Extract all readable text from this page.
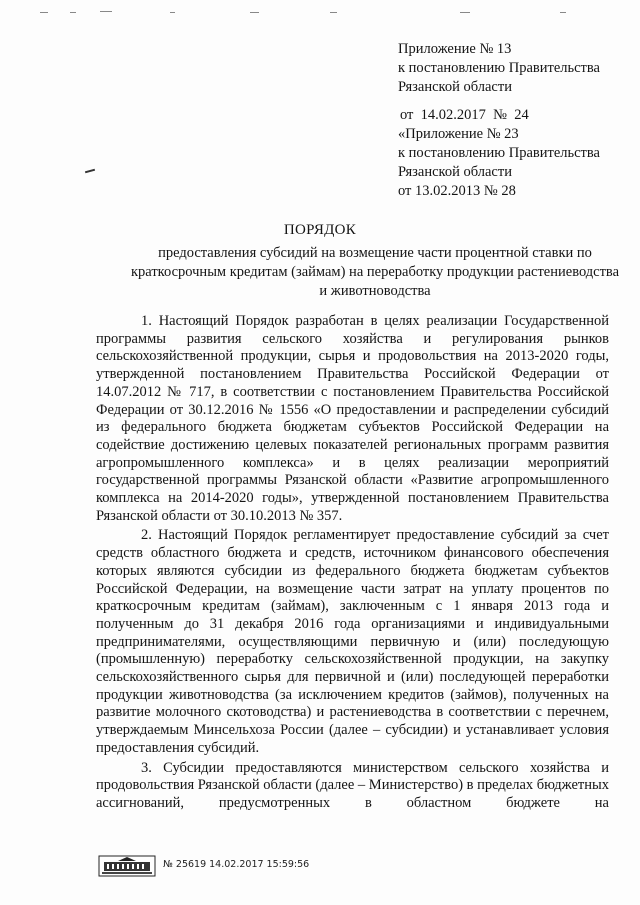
Приложение № 13
к постановлению Правительства
Рязанской области
от  14.02.2017  №  24
«Приложение № 23
к постановлению Правительства
Рязанской области
от 13.02.2013 № 28
ПОРЯДОК
предоставления субсидий на возмещение части процентной ставки по краткосрочным кредитам (займам) на переработку продукции растениеводства и животноводства

1. Настоящий Порядок разработан в целях реализации Государственной программы развития сельского хозяйства и регулирования рынков сельскохозяйственной продукции, сырья и продовольствия на 2013-2020 годы, утвержденной постановлением Правительства Российской Федерации от 14.07.2012 № 717, в соответствии с постановлением Правительства Российской Федерации от 30.12.2016 № 1556 «О предоставлении и распределении субсидий из федерального бюджета бюджетам субъектов Российской Федерации на содействие достижению целевых показателей региональных программ развития агропромышленного комплекса» и в целях реализации мероприятий государственной программы Рязанской области «Развитие агропромышленного комплекса на 2014-2020 годы», утвержденной постановлением Правительства Рязанской области от 30.10.2013 № 357.

2. Настоящий Порядок регламентирует предоставление субсидий за счет средств областного бюджета и средств, источником финансового обеспечения которых являются субсидии из федерального бюджета бюджетам субъектов Российской Федерации, на возмещение части затрат на уплату процентов по краткосрочным кредитам (займам), заключенным с 1 января 2013 года и полученным до 31 декабря 2016 года организациями и индивидуальными предпринимателями, осуществляющими первичную и (или) последующую (промышленную) переработку сельскохозяйственной продукции, на закупку сельскохозяйственного сырья для первичной и (или) последующей переработки продукции животноводства (за исключением кредитов (займов), полученных на развитие молочного скотоводства) и растениеводства в соответствии с перечнем, утверждаемым Минсельхоза России (далее – субсидии) и устанавливает условия предоставления субсидий.

3. Субсидии предоставляются министерством сельского хозяйства и продовольствия Рязанской области (далее – Министерство) в пределах бюджетных ассигнований, предусмотренных в областном бюджете на

№ 25619 14.02.2017 15:59:56
